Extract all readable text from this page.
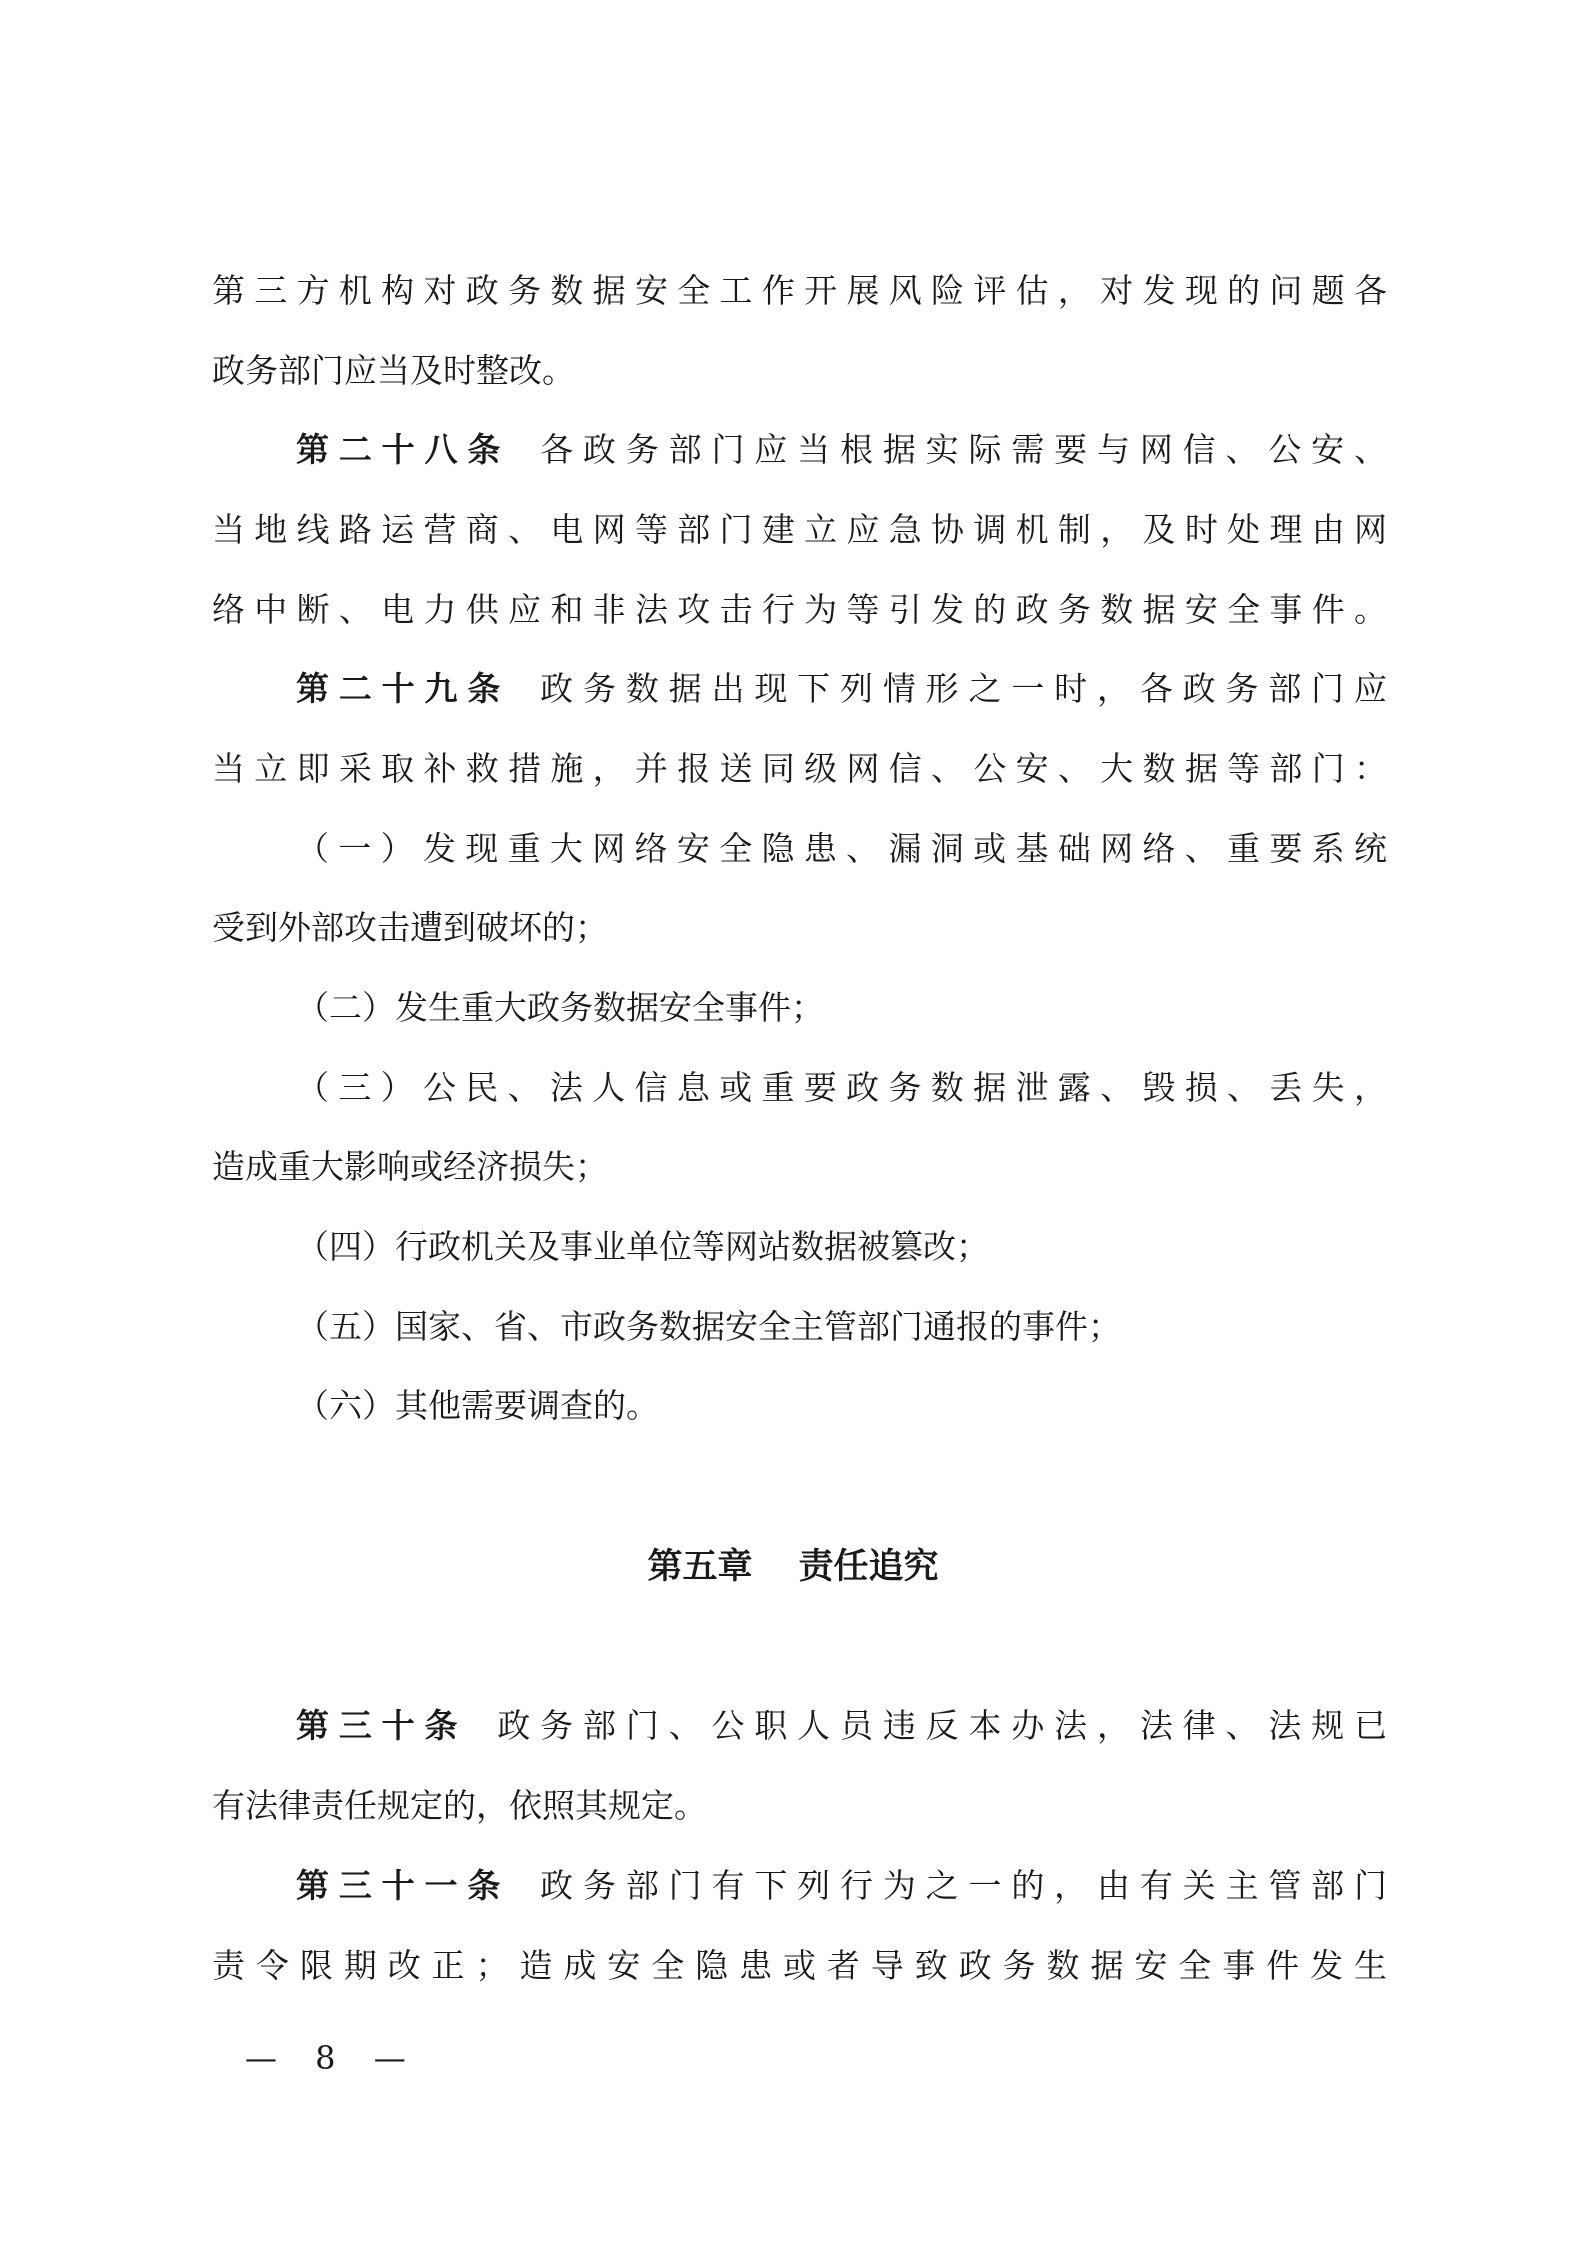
第三方机构对政务数据安全工作开展风险评估，对发现的问题各
政务部门应当及时整改。
第二十八条 各政务部门应当根据实际需要与网信、公安、
当地线路运营商、电网等部门建立应急协调机制，及时处理由网
络中断、电力供应和非法攻击行为等引发的政务数据安全事件。
第二十九条 政务数据出现下列情形之一时，各政务部门应
当立即采取补救措施，并报送同级网信、公安、大数据等部门：
（一）发现重大网络安全隐患、漏洞或基础网络、重要系统
受到外部攻击遭到破坏的；
（二）发生重大政务数据安全事件；
（三）公民、法人信息或重要政务数据泄露、毁损、丢失，
造成重大影响或经济损失；
（四）行政机关及事业单位等网站数据被篡改；
（五）国家、省、市政务数据安全主管部门通报的事件；
（六）其他需要调查的。
第五章 责任追究
第三十条 政务部门、公职人员违反本办法，法律、法规已
有法律责任规定的，依照其规定。
第三十一条 政务部门有下列行为之一的，由有关主管部门
责令限期改正；造成安全隐患或者导致政务数据安全事件发生
— 8 —
